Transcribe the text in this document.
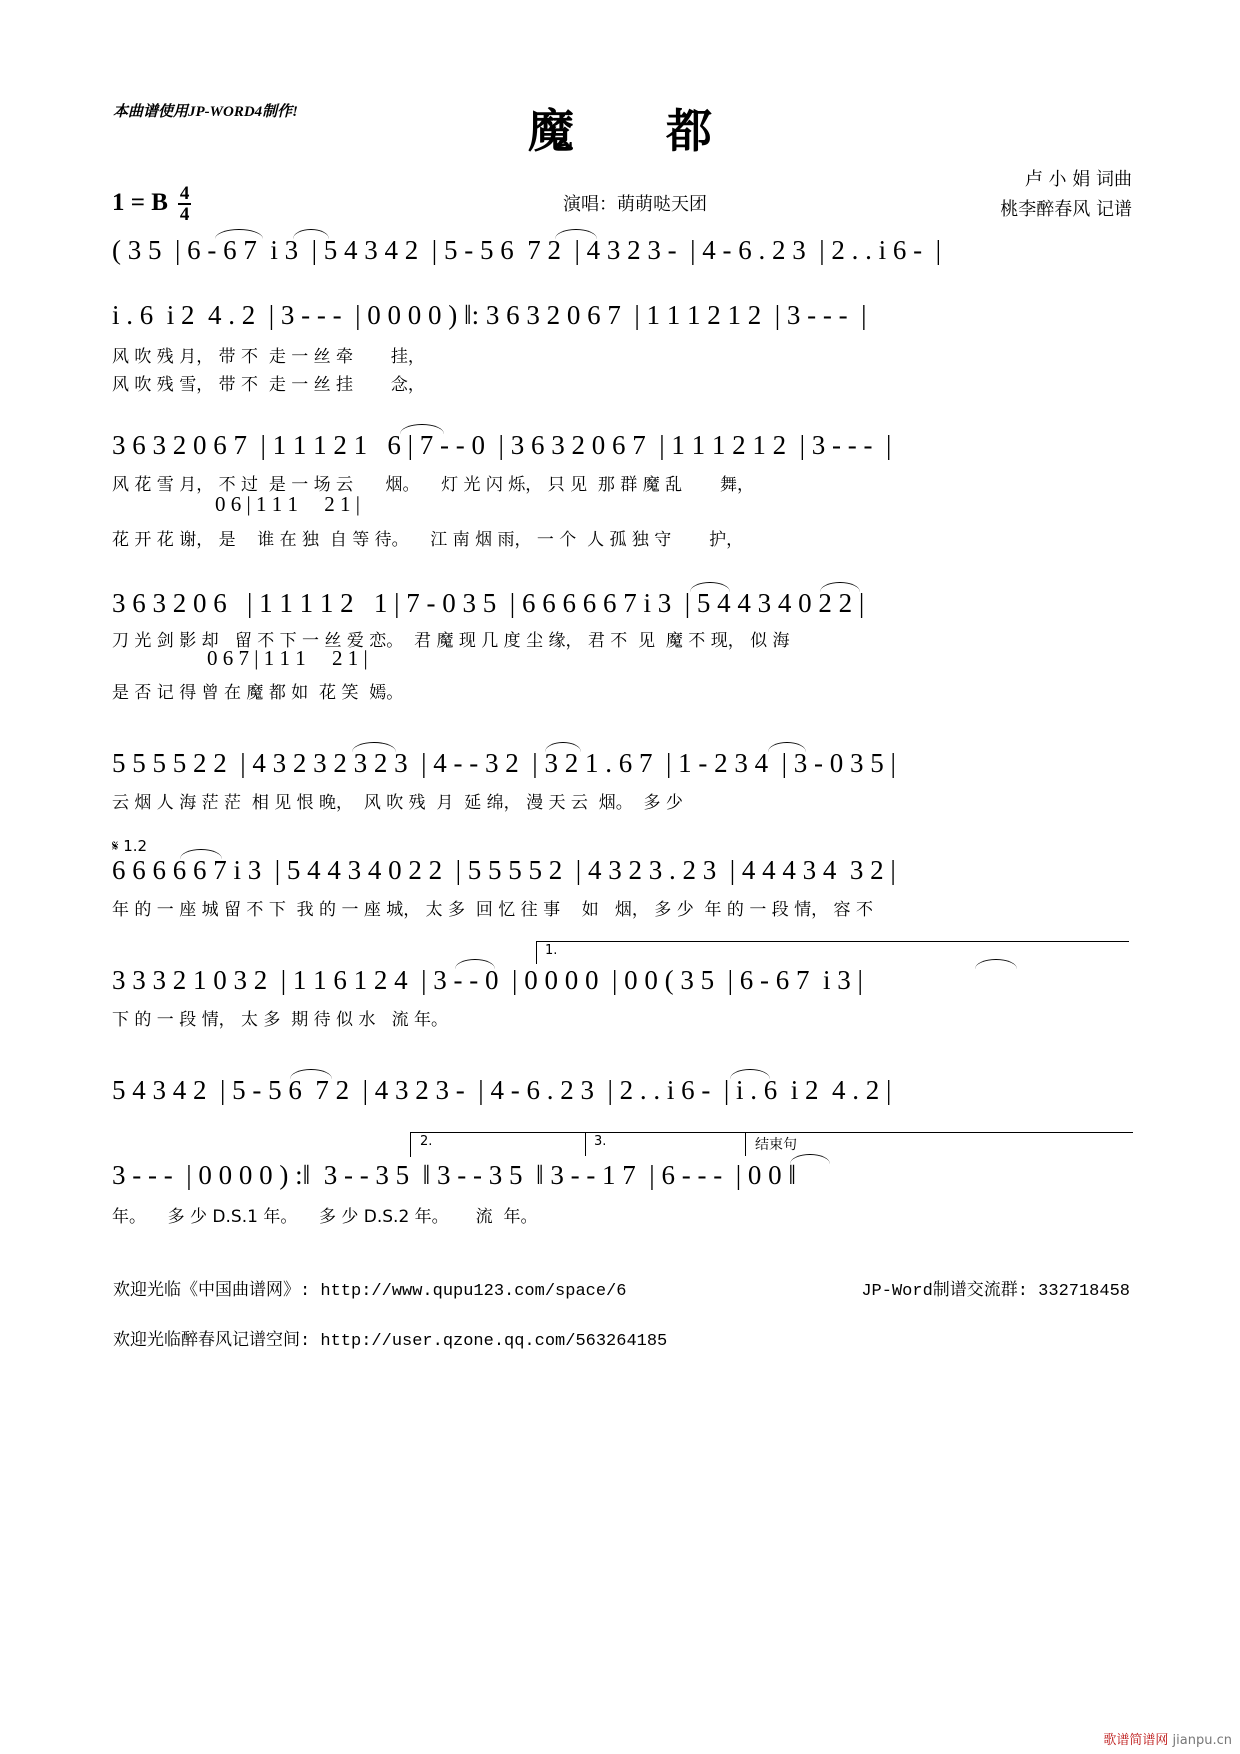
本曲谱使用JP-WORD4制作!	魔 都
演唱：萌萌哒天团
卢 小 娟 词曲
桃李醉春风 记谱
1 = B $\frac{4}{4}$
( 3 5  | 6 - 6 7  i 3  | 5 4 3 4 2  | 5 - 5 6  7 2  | 4 3 2 3 -  | 4 - 6 . 2 3  | 2 . . i 6 -  |
i . 6  i 2  4 . 2  | 3 - - -  | 0 0 0 0 ) ‖: 3 6 3 2 0 6 7  | 1 1 1 2 1 2  | 3 - - -  |
风 吹 残 月， 带 不  走 一 丝 牵       挂，
风 吹 残 雪， 带 不  走 一 丝 挂       念，
3 6 3 2 0 6 7  | 1 1 1 2 1   6 | 7 - - 0  | 3 6 3 2 0 6 7  | 1 1 1 2 1 2  | 3 - - -  |
风 花 雪 月， 不 过  是 一 场 云      烟。    灯 光 闪 烁， 只 见  那 群 魔 乱       舞，
0 6 | 1 1 1     2 1 |
花 开 花 谢， 是    谁 在 独  自 等 待。    江 南 烟 雨， 一 个  人 孤 独 守       护，
3 6 3 2 0 6   | 1 1 1 1 2   1 | 7 - 0 3 5  | 6 6 6 6 6 7 i 3  | 5 4 4 3 4 0 2 2 |
刀 光 剑 影 却   留 不 下 一 丝 爱 恋。  君 魔 现 几 度 尘 缘， 君 不  见  魔 不 现， 似 海
0 6 7 | 1 1 1     2 1 |
是 否 记 得 曾 在 魔 都 如  花 笑  嫣。
5 5 5 5 2 2  | 4 3 2 3 2 3 2 3  | 4 - - 3 2  | 3 2 1 . 6 7  | 1 - 2 3 4  | 3 - 0 3 5 |
云 烟 人 海 茫 茫  相 见 恨 晚，  风 吹 残  月  延 绵， 漫 天 云  烟。  多 少
𝄋 1.2
6 6 6 6 6 7 i 3  | 5 4 4 3 4 0 2 2  | 5 5 5 5 2  | 4 3 2 3 . 2 3  | 4 4 4 3 4  3 2 |
年 的 一 座 城 留 不 下  我 的 一 座 城， 太 多  回 忆 往 事    如   烟， 多 少  年 的 一 段 情， 容 不
1.
3 3 3 2 1 0 3 2  | 1 1 6 1 2 4  | 3 - - 0  | 0 0 0 0  | 0 0 ( 3 5  | 6 - 6 7  i 3 |
下 的 一 段 情， 太 多  期 待 似 水   流 年。
5 4 3 4 2  | 5 - 5 6  7 2  | 4 3 2 3 -  | 4 - 6 . 2 3  | 2 . . i 6 -  | i . 6  i 2  4 . 2 |
2.	3.	结束句
3 - - -  | 0 0 0 0 ) :‖  3 - - 3 5  ‖ 3 - - 3 5  ‖ 3 - - 1 7  | 6 - - -  | 0 0 ‖
年。    多 少 D.S.1 年。    多 少 D.S.2 年。     流  年。
欢迎光临《中国曲谱网》: http://www.qupu123.com/space/6	JP-Word制谱交流群: 332718458
欢迎光临醉春风记谱空间: http://user.qzone.qq.com/563264185
歌谱简谱网 jianpu.cn
